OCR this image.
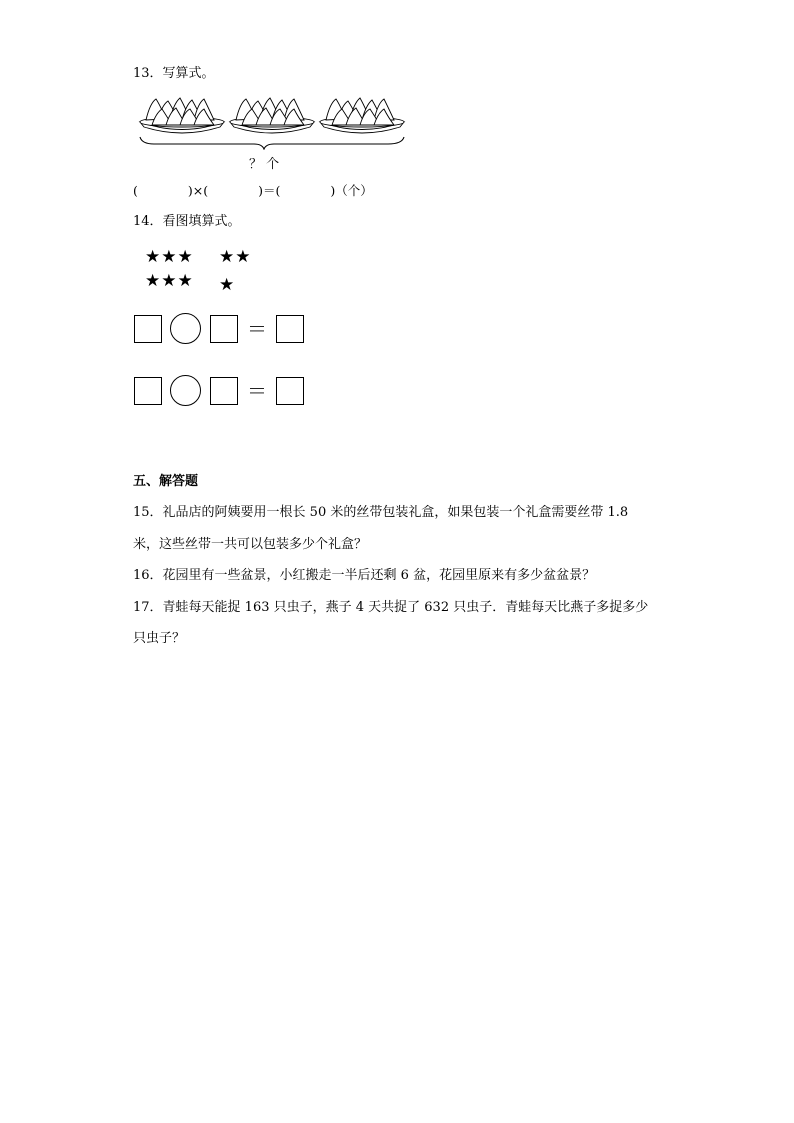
13．写算式。
？ 个
(　　　　)×(　　　　)＝(　　　　)（个）
14．看图填算式。
★★★ ★★
★★★ ★
＝
＝
五、解答题
15．礼品店的阿姨要用一根长 50 米的丝带包装礼盒，如果包装一个礼盒需要丝带 1.8
米，这些丝带一共可以包装多少个礼盒？
16．花园里有一些盆景，小红搬走一半后还剩 6 盆，花园里原来有多少盆盆景？
17．青蛙每天能捉 163 只虫子，燕子 4 天共捉了 632 只虫子．青蛙每天比燕子多捉多少
只虫子？
